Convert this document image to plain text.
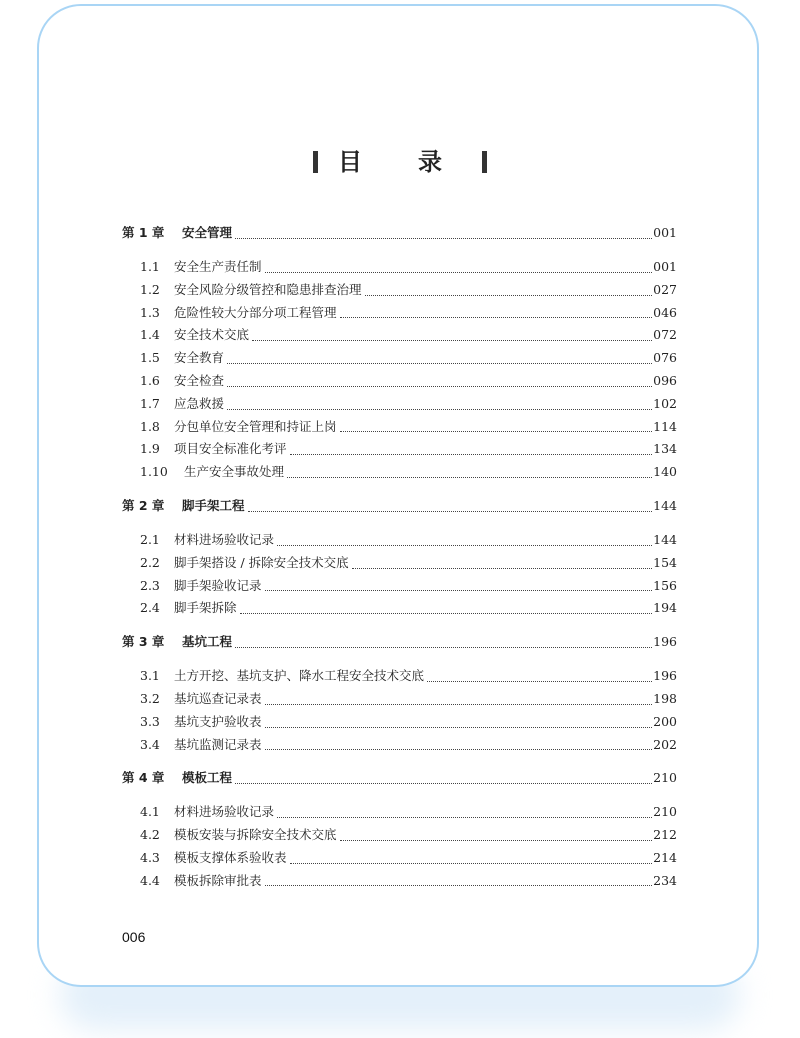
目 录
第 1 章	安全管理	001
1.1	安全生产责任制	001
1.2	安全风险分级管控和隐患排查治理	027
1.3	危险性较大分部分项工程管理	046
1.4	安全技术交底	072
1.5	安全教育	076
1.6	安全检查	096
1.7	应急救援	102
1.8	分包单位安全管理和持证上岗	114
1.9	项目安全标准化考评	134
1.10	生产安全事故处理	140
第 2 章	脚手架工程	144
2.1	材料进场验收记录	144
2.2	脚手架搭设 / 拆除安全技术交底	154
2.3	脚手架验收记录	156
2.4	脚手架拆除	194
第 3 章	基坑工程	196
3.1	土方开挖、基坑支护、降水工程安全技术交底	196
3.2	基坑巡查记录表	198
3.3	基坑支护验收表	200
3.4	基坑监测记录表	202
第 4 章	模板工程	210
4.1	材料进场验收记录	210
4.2	模板安装与拆除安全技术交底	212
4.3	模板支撑体系验收表	214
4.4	模板拆除审批表	234
006
